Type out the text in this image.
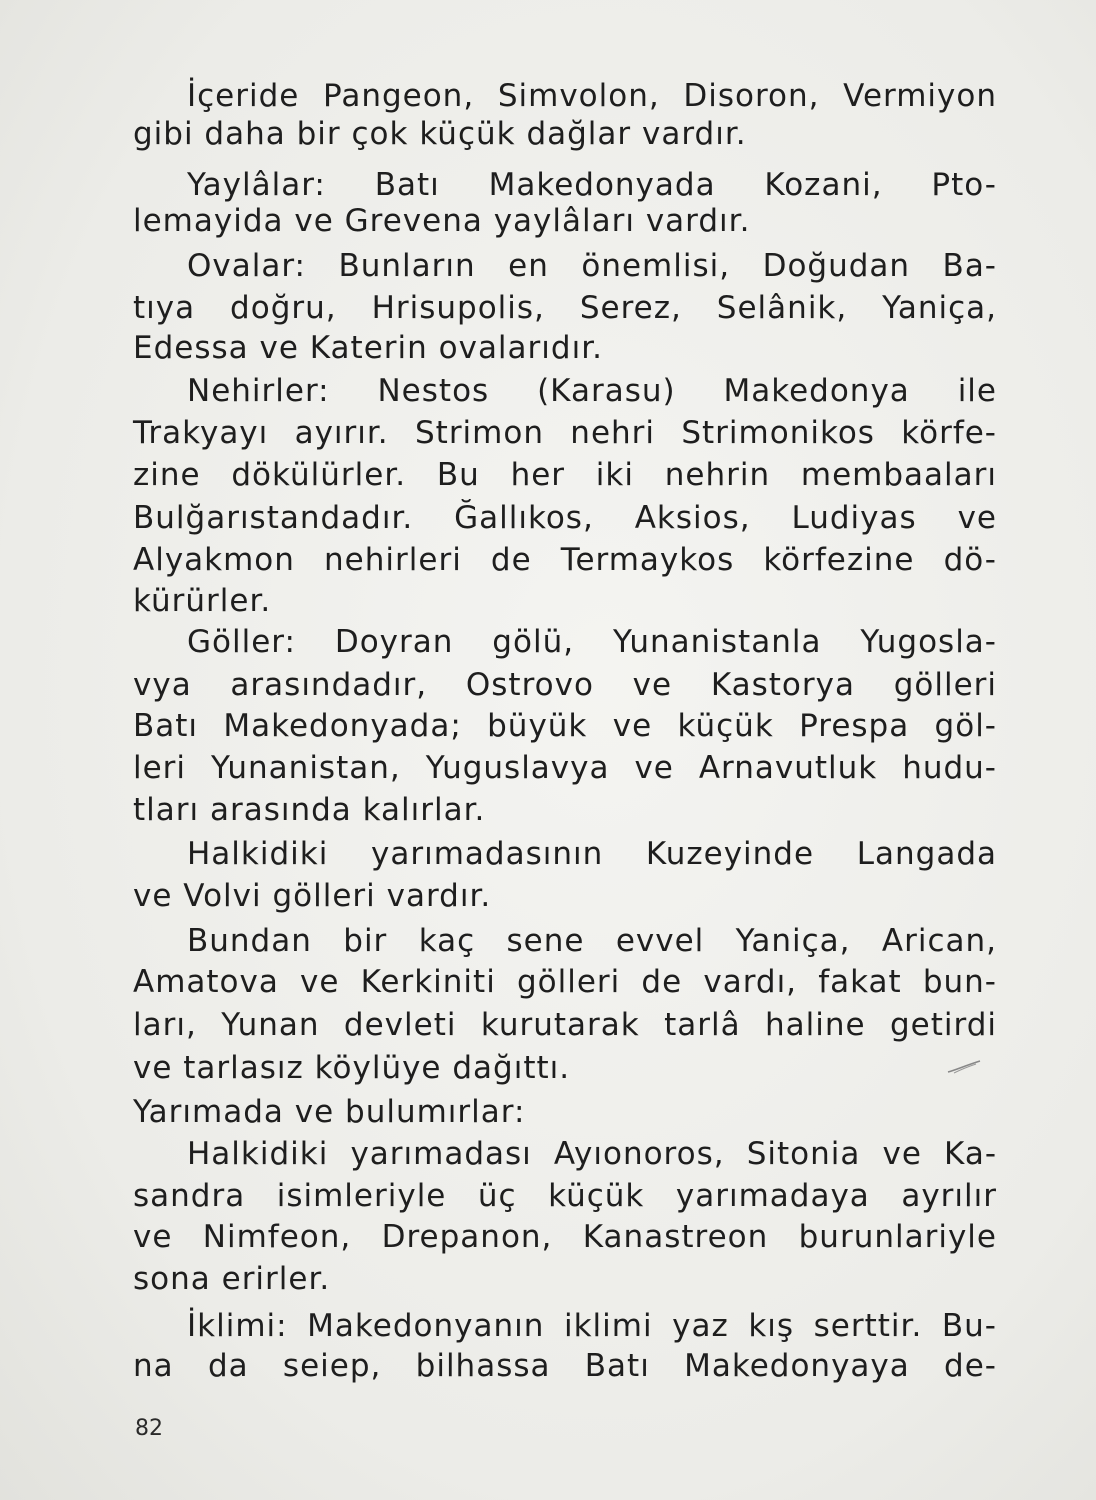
İçeride Pangeon, Simvolon, Disoron, Vermiyon
gibi daha bir çok küçük dağlar vardır.
Yaylâlar: Batı Makedonyada Kozani, Pto-
lemayida ve Grevena yaylâları vardır.
Ovalar: Bunların en önemlisi, Doğudan Ba-
tıya doğru, Hrisupolis, Serez, Selânik, Yaniça,
Edessa ve Katerin ovalarıdır.
Nehirler: Nestos (Karasu) Makedonya ile
Trakyayı ayırır. Strimon nehri Strimonikos körfe-
zine dökülürler. Bu her iki nehrin membaaları
Bulğarıstandadır. Ğallıkos, Aksios, Ludiyas ve
Alyakmon nehirleri de Termaykos körfezine dö-
kürürler.
Göller: Doyran gölü, Yunanistanla Yugosla-
vya arasındadır, Ostrovo ve Kastorya gölleri
Batı Makedonyada; büyük ve küçük Prespa göl-
leri Yunanistan, Yuguslavya ve Arnavutluk hudu-
tları arasında kalırlar.
Halkidiki yarımadasının Kuzeyinde Langada
ve Volvi gölleri vardır.
Bundan bir kaç sene evvel Yaniça, Arican,
Amatova ve Kerkiniti gölleri de vardı, fakat bun-
ları, Yunan devleti kurutarak tarlâ haline getirdi
ve tarlasız köylüye dağıttı.
Yarımada ve bulumırlar:
Halkidiki yarımadası Ayıonoros, Sitonia ve Ka-
sandra isimleriyle üç küçük yarımadaya ayrılır
ve Nimfeon, Drepanon, Kanastreon burunlariyle
sona erirler.
İklimi: Makedonyanın iklimi yaz kış serttir. Bu-
na da seiep, bilhassa Batı Makedonyaya de-
82
